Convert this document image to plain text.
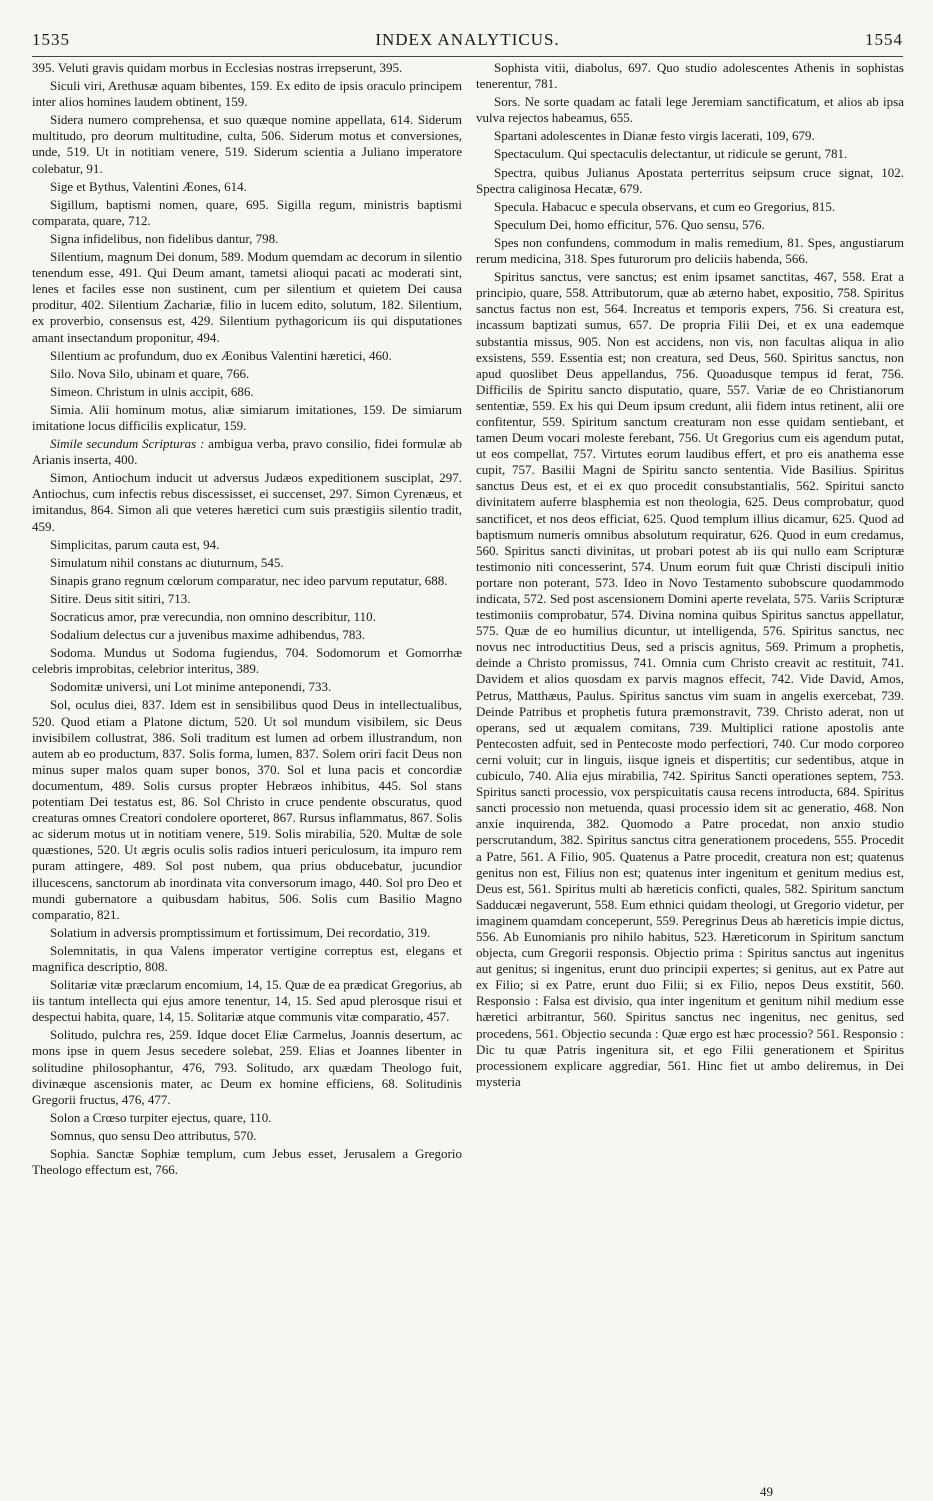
1535	INDEX ANALYTICUS.	1554

395. Veluti gravis quidam morbus in Ecclesias nostras irrepserunt, 395.

Siculi viri, Arethusæ aquam bibentes, 159. Ex edito de ipsis oraculo principem inter alios homines laudem obtinent, 159.

Sidera numero comprehensa, et suo quæque nomine appellata, 614. Siderum multitudo, pro deorum multitudine, culta, 506. Siderum motus et conversiones, unde, 519. Ut in notitiam venere, 519. Siderum scientia a Juliano imperatore colebatur, 91.

Sige et Bythus, Valentini Æones, 614.

Sigillum, baptismi nomen, quare, 695. Sigilla regum, ministris baptismi comparata, quare, 712.

Signa infidelibus, non fidelibus dantur, 798.

Silentium, magnum Dei donum, 589. Modum quemdam ac decorum in silentio tenendum esse, 491. Qui Deum amant, tametsi alioqui pacati ac moderati sint, lenes et faciles esse non sustinent, cum per silentium et quietem Dei causa proditur, 402. Silentium Zachariæ, filio in lucem edito, solutum, 182. Silentium, ex proverbio, consensus est, 429. Silentium pythagoricum iis qui disputationes amant insectandum proponitur, 494.

Silentium ac profundum, duo ex Æonibus Valentini hæretici, 460.

Silo. Nova Silo, ubinam et quare, 766.

Simeon. Christum in ulnis accipit, 686.

Simia. Alii hominum motus, aliæ simiarum imitationes, 159. De simiarum imitatione locus difficilis explicatur, 159.

Simile secundum Scripturas : ambigua verba, pravo consilio, fidei formulæ ab Arianis inserta, 400.

Simon, Antiochum inducit ut adversus Judæos expeditionem susciplat, 297. Antiochus, cum infectis rebus discessisset, ei succenset, 297. Simon Cyrenæus, et imitandus, 864. Simon ali que veteres hæretici cum suis præstigiis silentio tradit, 459.

Simplicitas, parum cauta est, 94.

Simulatum nihil constans ac diuturnum, 545.

Sinapis grano regnum cœlorum comparatur, nec ideo parvum reputatur, 688.

Sitire. Deus sitit sitiri, 713.

Socraticus amor, præ verecundia, non omnino describitur, 110.

Sodalium delectus cur a juvenibus maxime adhibendus, 783.

Sodoma. Mundus ut Sodoma fugiendus, 704. Sodomorum et Gomorrhæ celebris improbitas, celebrior interitus, 389.

Sodomitæ universi, uni Lot minime anteponendi, 733.

Sol, oculus diei, 837. Idem est in sensibilibus quod Deus in intellectualibus, 520. Quod etiam a Platone dictum, 520. Ut sol mundum visibilem, sic Deus invisibilem collustrat, 386. Soli traditum est lumen ad orbem illustrandum, non autem ab eo productum, 837. Solis forma, lumen, 837. Solem oriri facit Deus non minus super malos quam super bonos, 370. Sol et luna pacis et concordiæ documentum, 489. Solis cursus propter Hebræos inhibitus, 445. Sol stans potentiam Dei testatus est, 86. Sol Christo in cruce pendente obscuratus, quod creaturas omnes Creatori condolere oporteret, 867. Rursus inflammatus, 867. Solis ac siderum motus ut in notitiam venere, 519. Solis mirabilia, 520. Multæ de sole quæstiones, 520. Ut ægris oculis solis radios intueri periculosum, ita impuro rem puram attingere, 489. Sol post nubem, qua prius obducebatur, jucundior illucescens, sanctorum ab inordinata vita conversorum imago, 440. Sol pro Deo et mundi gubernatore a quibusdam habitus, 506. Solis cum Basilio Magno comparatio, 821.

Solatium in adversis promptissimum et fortissimum, Dei recordatio, 319.

Solemnitatis, in qua Valens imperator vertigine correptus est, elegans et magnifica descriptio, 808.

Solitariæ vitæ præclarum encomium, 14, 15. Quæ de ea prædicat Gregorius, ab iis tantum intellecta qui ejus amore tenentur, 14, 15. Sed apud plerosque risui et despectui habita, quare, 14, 15. Solitariæ atque communis vitæ comparatio, 457.

Solitudo, pulchra res, 259. Idque docet Eliæ Carmelus, Joannis desertum, ac mons ipse in quem Jesus secedere solebat, 259. Elias et Joannes libenter in solitudine philosophantur, 476, 793. Solitudo, arx quædam Theologo fuit, divinæque ascensionis mater, ac Deum ex homine efficiens, 68. Solitudinis Gregorii fructus, 476, 477.

Solon a Crœso turpiter ejectus, quare, 110.

Somnus, quo sensu Deo attributus, 570.

Sophia. Sanctæ Sophiæ templum, cum Jebus esset, Jerusalem a Gregorio Theologo effectum est, 766.

Sophista vitii, diabolus, 697. Quo studio adolescentes Athenis in sophistas tenerentur, 781.

Sors. Ne sorte quadam ac fatali lege Jeremiam sanctificatum, et alios ab ipsa vulva rejectos habeamus, 655.

Spartani adolescentes in Dianæ festo virgis lacerati, 109, 679.

Spectaculum. Qui spectaculis delectantur, ut ridicule se gerunt, 781.

Spectra, quibus Julianus Apostata perterritus seipsum cruce signat, 102. Spectra caliginosa Hecatæ, 679.

Specula. Habacuc e specula observans, et cum eo Gregorius, 815.

Speculum Dei, homo efficitur, 576. Quo sensu, 576.

Spes non confundens, commodum in malis remedium, 81. Spes, angustiarum rerum medicina, 318. Spes futurorum pro deliciis habenda, 566.

Spiritus sanctus, vere sanctus; est enim ipsamet sanctitas, 467, 558. Erat a principio, quare, 558. Attributorum, quæ ab æterno habet, expositio, 758. Spiritus sanctus factus non est, 564. Increatus et temporis expers, 756. Si creatura est, incassum baptizati sumus, 657. De propria Filii Dei, et ex una eademque substantia missus, 905. Non est accidens, non vis, non facultas aliqua in alio exsistens, 559. Essentia est; non creatura, sed Deus, 560. Spiritus sanctus, non apud quoslibet Deus appellandus, 756. Quoadusque tempus id ferat, 756. Difficilis de Spiritu sancto disputatio, quare, 557. Variæ de eo Christianorum sententiæ, 559. Ex his qui Deum ipsum credunt, alii fidem intus retinent, alii ore confitentur, 559. Spiritum sanctum creaturam non esse quidam sentiebant, et tamen Deum vocari moleste ferebant, 756. Ut Gregorius cum eis agendum putat, ut eos compellat, 757. Virtutes eorum laudibus effert, et pro eis anathema esse cupit, 757. Basilii Magni de Spiritu sancto sententia. Vide Basilius. Spiritus sanctus Deus est, et ei ex quo procedit consubstantialis, 562. Spiritui sancto divinitatem auferre blasphemia est non theologia, 625. Deus comprobatur, quod sanctificet, et nos deos efficiat, 625. Quod templum illius dicamur, 625. Quod ad baptismum numeris omnibus absolutum requiratur, 626. Quod in eum credamus, 560. Spiritus sancti divinitas, ut probari potest ab iis qui nullo eam Scripturæ testimonio niti concesserint, 574. Unum eorum fuit quæ Christi discipuli initio portare non poterant, 573. Ideo in Novo Testamento subobscure quodammodo indicata, 572. Sed post ascensionem Domini aperte revelata, 575. Variis Scripturæ testimoniis comprobatur, 574. Divina nomina quibus Spiritus sanctus appellatur, 575. Quæ de eo humilius dicuntur, ut intelligenda, 576. Spiritus sanctus, nec novus nec introductitius Deus, sed a priscis agnitus, 569. Primum a prophetis, deinde a Christo promissus, 741. Omnia cum Christo creavit ac restituit, 741. Davidem et alios quosdam ex parvis magnos effecit, 742. Vide David, Amos, Petrus, Matthæus, Paulus. Spiritus sanctus vim suam in angelis exercebat, 739. Deinde Patribus et prophetis futura præmonstravit, 739. Christo aderat, non ut operans, sed ut æqualem comitans, 739. Multiplici ratione apostolis ante Pentecosten adfuit, sed in Pentecoste modo perfectiori, 740. Cur modo corporeo cerni voluit; cur in linguis, iisque igneis et dispertitis; cur sedentibus, atque in cubiculo, 740. Alia ejus mirabilia, 742. Spiritus Sancti operationes septem, 753. Spiritus sancti processio, vox perspicuitatis causa recens introducta, 684. Spiritus sancti processio non metuenda, quasi processio idem sit ac generatio, 468. Non anxie inquirenda, 382. Quomodo a Patre procedat, non anxio studio perscrutandum, 382. Spiritus sanctus citra generationem procedens, 555. Procedit a Patre, 561. A Filio, 905. Quatenus a Patre procedit, creatura non est; quatenus genitus non est, Filius non est; quatenus inter ingenitum et genitum medius est, Deus est, 561. Spiritus multi ab hæreticis conficti, quales, 582. Spiritum sanctum Sadducæi negaverunt, 558. Eum ethnici quidam theologi, ut Gregorio videtur, per imaginem quamdam conceperunt, 559. Peregrinus Deus ab hæreticis impie dictus, 556. Ab Eunomianis pro nihilo habitus, 523. Hæreticorum in Spiritum sanctum objecta, cum Gregorii responsis. Objectio prima : Spiritus sanctus aut ingenitus aut genitus; si ingenitus, erunt duo principii expertes; si genitus, aut ex Patre aut ex Filio; si ex Patre, erunt duo Filii; si ex Filio, nepos Deus exstitit, 560. Responsio : Falsa est divisio, qua inter ingenitum et genitum nihil medium esse hæretici arbitrantur, 560. Spiritus sanctus nec ingenitus, nec genitus, sed procedens, 561. Objectio secunda : Quæ ergo est hæc processio? 561. Responsio : Dic tu quæ Patris ingenitura sit, et ego Filii generationem et Spiritus processionem explicare aggrediar, 561. Hinc fiet ut ambo deliremus, in Dei mysteria

49
